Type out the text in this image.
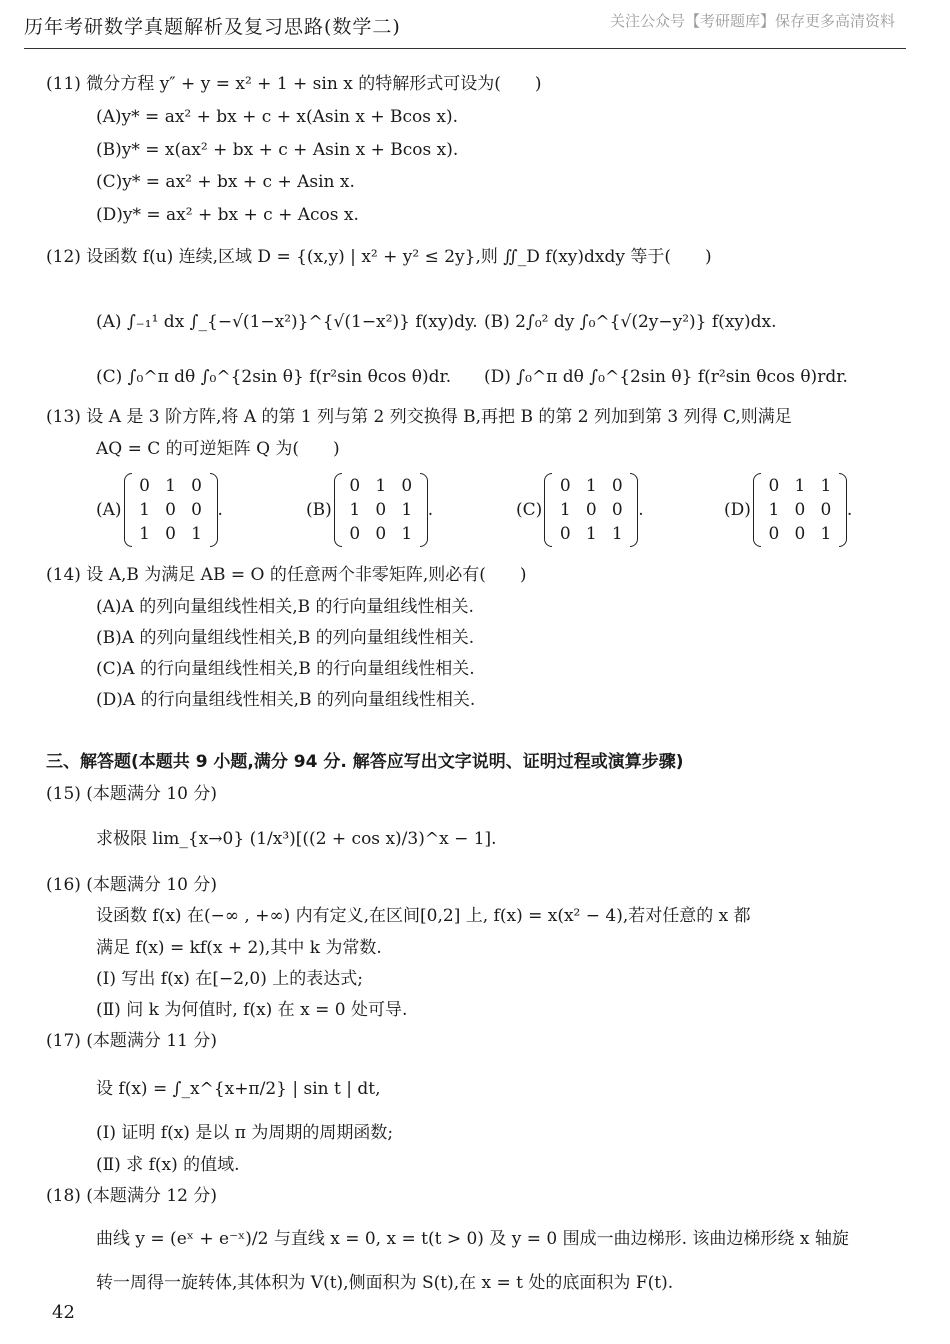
历年考研数学真题解析及复习思路(数学二)	关注公众号【考研题库】保存更多高清资料
(11) 微分方程 y″ + y = x² + 1 + sin x 的特解形式可设为(　　)
(A)y* = ax² + bx + c + x(Asin x + Bcos x).
(B)y* = x(ax² + bx + c + Asin x + Bcos x).
(C)y* = ax² + bx + c + Asin x.
(D)y* = ax² + bx + c + Acos x.
(12) 设函数 f(u) 连续,区域 D = {(x,y) | x² + y² ≤ 2y},则 ∬_D f(xy)dxdy 等于(　　)
(A) ∫₋₁¹ dx ∫_{−√(1−x²)}^{√(1−x²)} f(xy)dy. (B) 2∫₀² dy ∫₀^{√(2y−y²)} f(xy)dx.
(C) ∫₀^π dθ ∫₀^{2sin θ} f(r²sin θcos θ)dr. (D) ∫₀^π dθ ∫₀^{2sin θ} f(r²sin θcos θ)rdr.
(13) 设 A 是 3 阶方阵,将 A 的第 1 列与第 2 列交换得 B,再把 B 的第 2 列加到第 3 列得 C,则满足
AQ = C 的可逆矩阵 Q 为(　　)
(A)
0 1 0
1 0 0
1 0 1
.	(B)
0 1 0
1 0 1
0 0 1
.	(C)
0 1 0
1 0 0
0 1 1
.	(D)
0 1 1
1 0 0
0 0 1
.
(14) 设 A,B 为满足 AB = O 的任意两个非零矩阵,则必有(　　)
(A)A 的列向量组线性相关,B 的行向量组线性相关.
(B)A 的列向量组线性相关,B 的列向量组线性相关.
(C)A 的行向量组线性相关,B 的行向量组线性相关.
(D)A 的行向量组线性相关,B 的列向量组线性相关.
三、解答题(本题共 9 小题,满分 94 分. 解答应写出文字说明、证明过程或演算步骤)
(15) (本题满分 10 分)
求极限 lim_{x→0} (1/x³)[((2 + cos x)/3)^x − 1].
(16) (本题满分 10 分)
设函数 f(x) 在(−∞ , +∞) 内有定义,在区间[0,2] 上, f(x) = x(x² − 4),若对任意的 x 都
满足 f(x) = kf(x + 2),其中 k 为常数.
(Ⅰ) 写出 f(x) 在[−2,0) 上的表达式;
(Ⅱ) 问 k 为何值时, f(x) 在 x = 0 处可导.
(17) (本题满分 11 分)
设 f(x) = ∫_x^{x+π/2} | sin t | dt,
(Ⅰ) 证明 f(x) 是以 π 为周期的周期函数;
(Ⅱ) 求 f(x) 的值域.
(18) (本题满分 12 分)
曲线 y = (eˣ + e⁻ˣ)/2 与直线 x = 0, x = t(t > 0) 及 y = 0 围成一曲边梯形. 该曲边梯形绕 x 轴旋
转一周得一旋转体,其体积为 V(t),侧面积为 S(t),在 x = t 处的底面积为 F(t).
42
